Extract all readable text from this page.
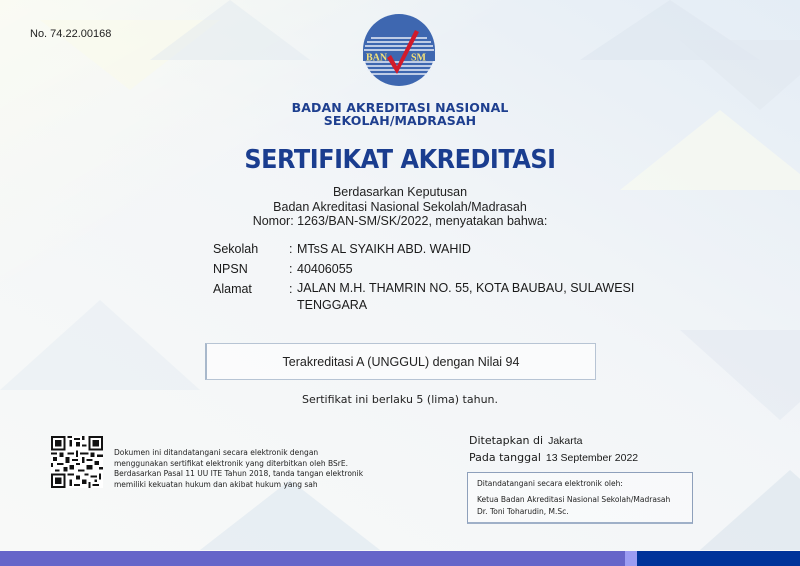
No. 74.22.00168
BAN SM
BADAN AKREDITASI NASIONAL
SEKOLAH/MADRASAH
SERTIFIKAT AKREDITASI
Berdasarkan Keputusan
Badan Akreditasi Nasional Sekolah/Madrasah
Nomor: 1263/BAN-SM/SK/2022, menyatakan bahwa:
Sekolah	: MTsS AL SYAIKH ABD. WAHID
NPSN	: 40406055
Alamat	: JALAN M.H. THAMRIN NO. 55, KOTA BAUBAU, SULAWESI TENGGARA
Terakreditasi A (UNGGUL) dengan Nilai 94
Sertifikat ini berlaku 5 (lima) tahun.
Dokumen ini ditandatangani secara elektronik dengan
menggunakan sertifikat elektronik yang diterbitkan oleh BSrE.
Berdasarkan Pasal 11 UU ITE Tahun 2018, tanda tangan elektronik
memiliki kekuatan hukum dan akibat hukum yang sah
Ditetapkan di Jakarta
Pada tanggal 13 September 2022
Ditandatangani secara elektronik oleh:
Ketua Badan Akreditasi Nasional Sekolah/Madrasah
Dr. Toni Toharudin, M.Sc.
